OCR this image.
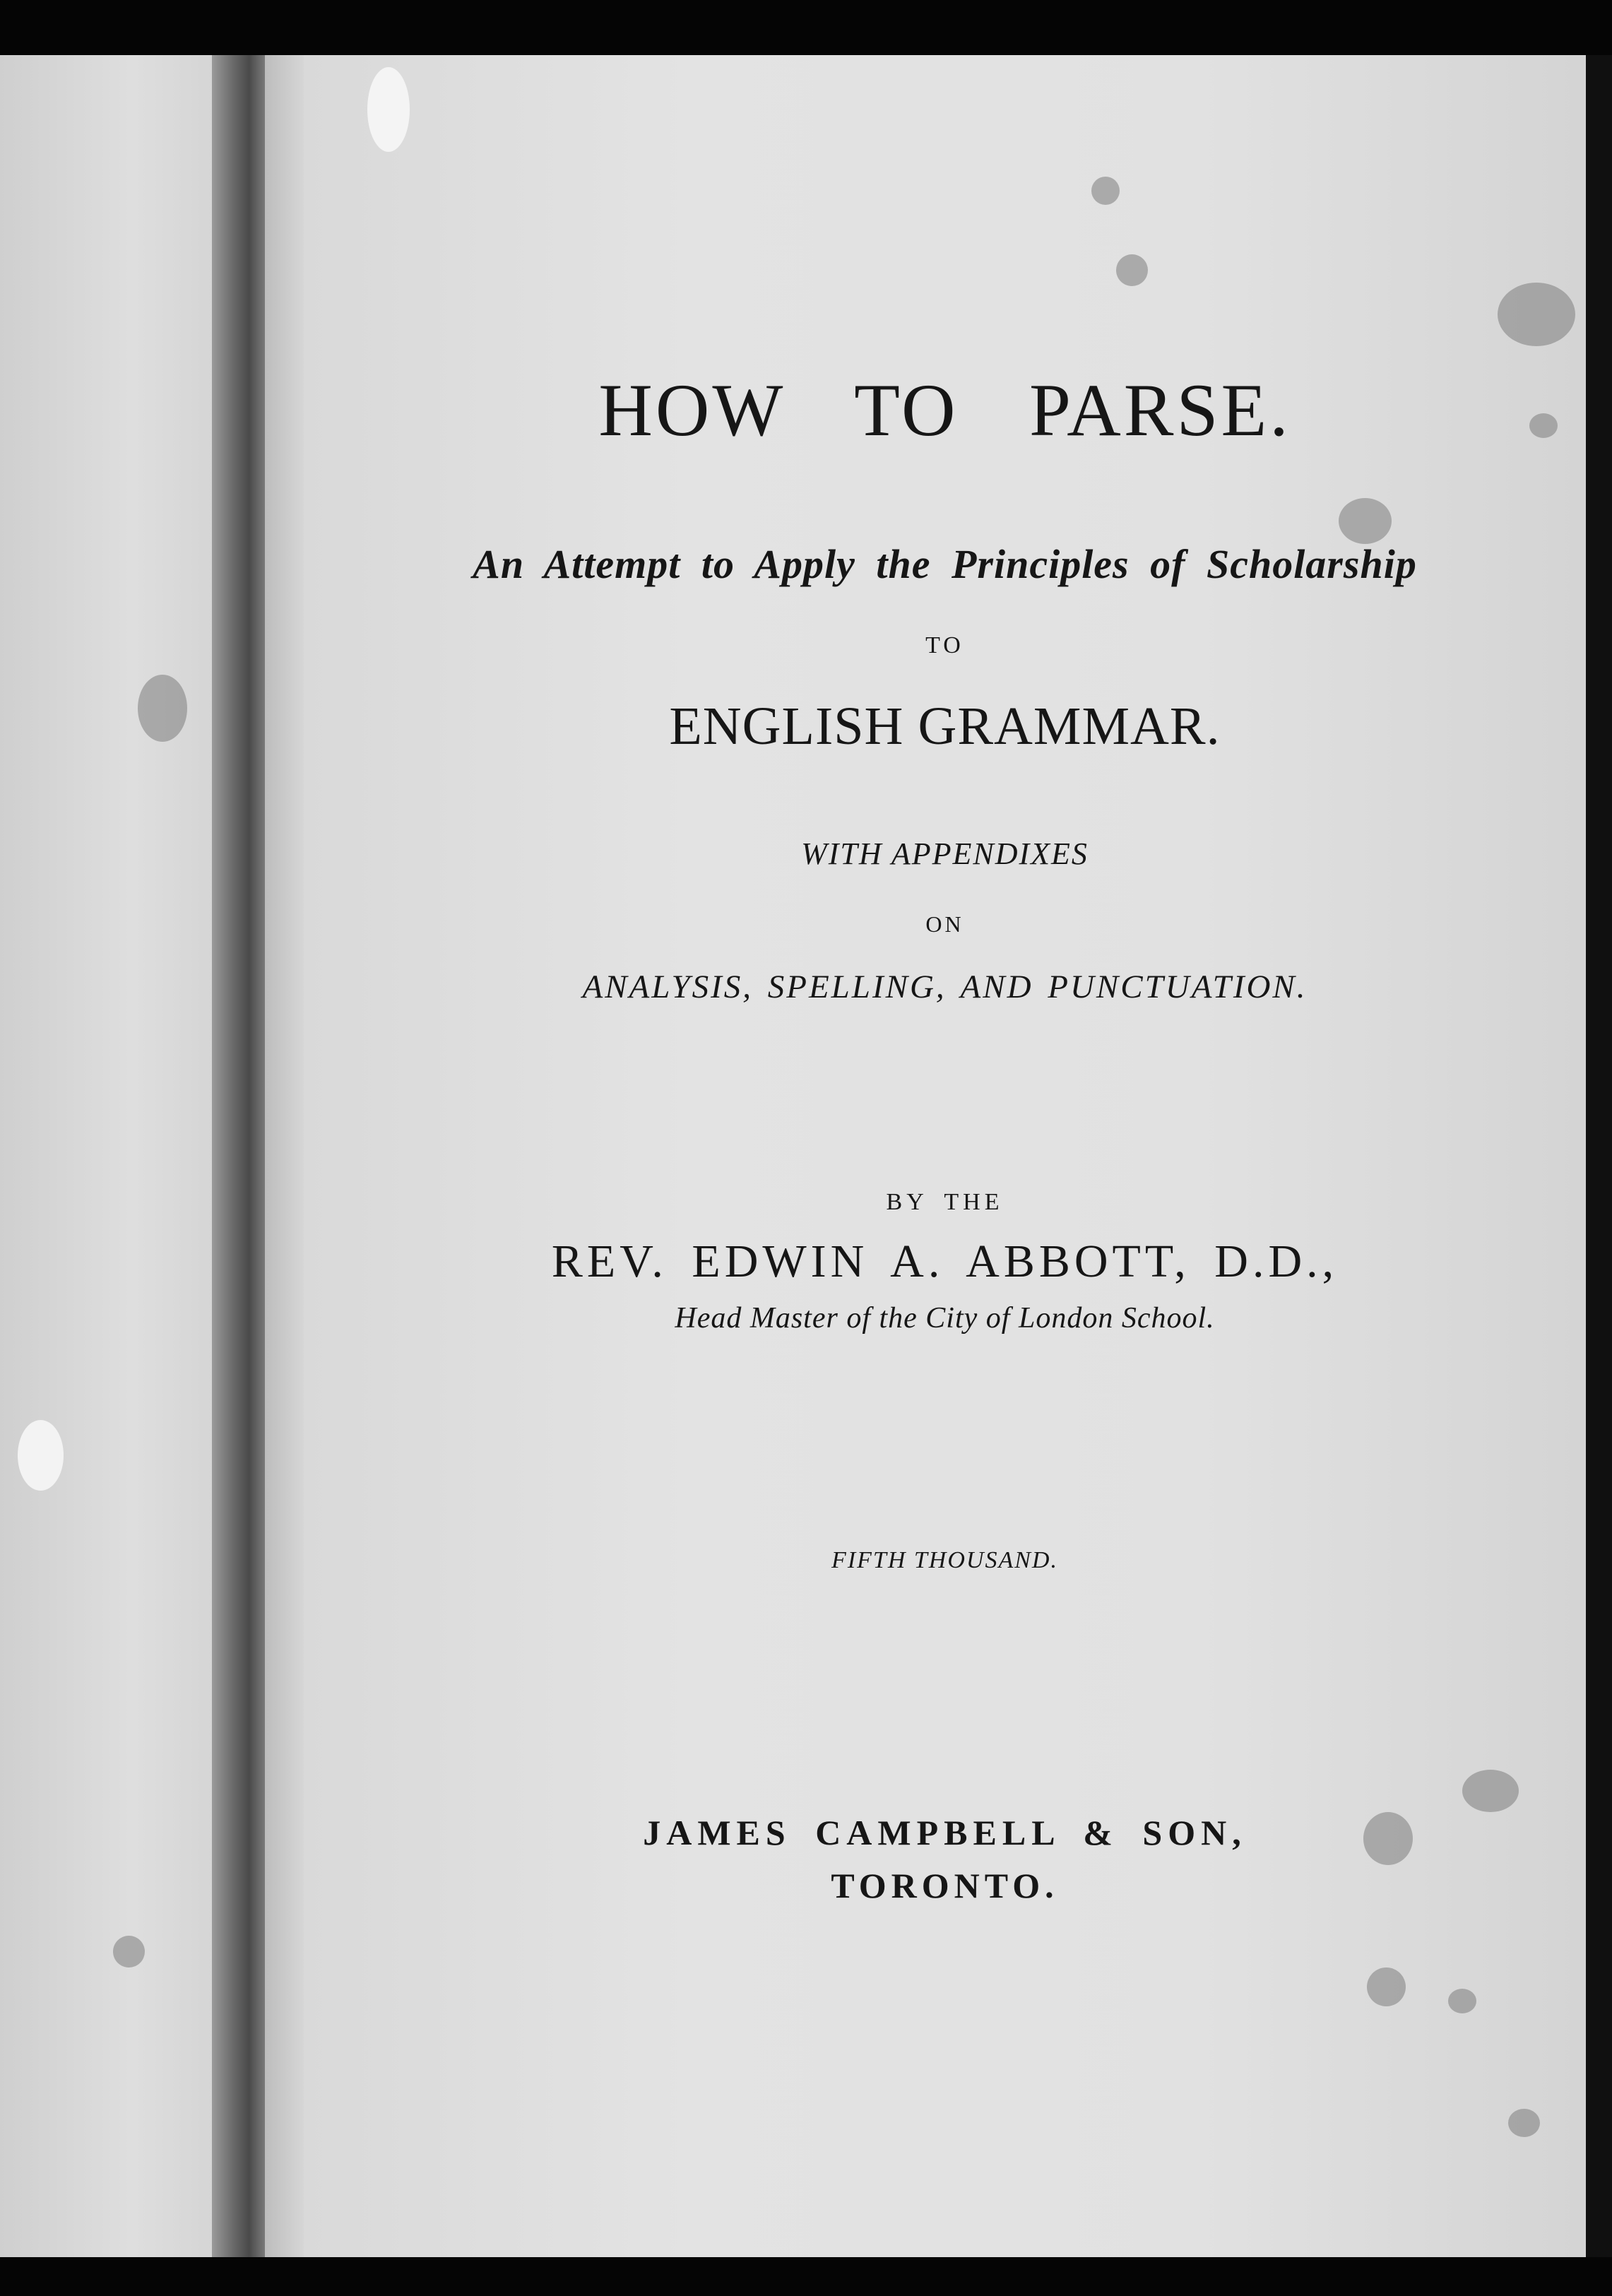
HOW TO PARSE.

An Attempt to Apply the Principles of Scholarship

TO

ENGLISH GRAMMAR.

WITH APPENDIXES

ON

ANALYSIS, SPELLING, AND PUNCTUATION.

BY THE

REV. EDWIN A. ABBOTT, D.D.,

Head Master of the City of London School.

FIFTH THOUSAND.

JAMES CAMPBELL & SON,

TORONTO.
